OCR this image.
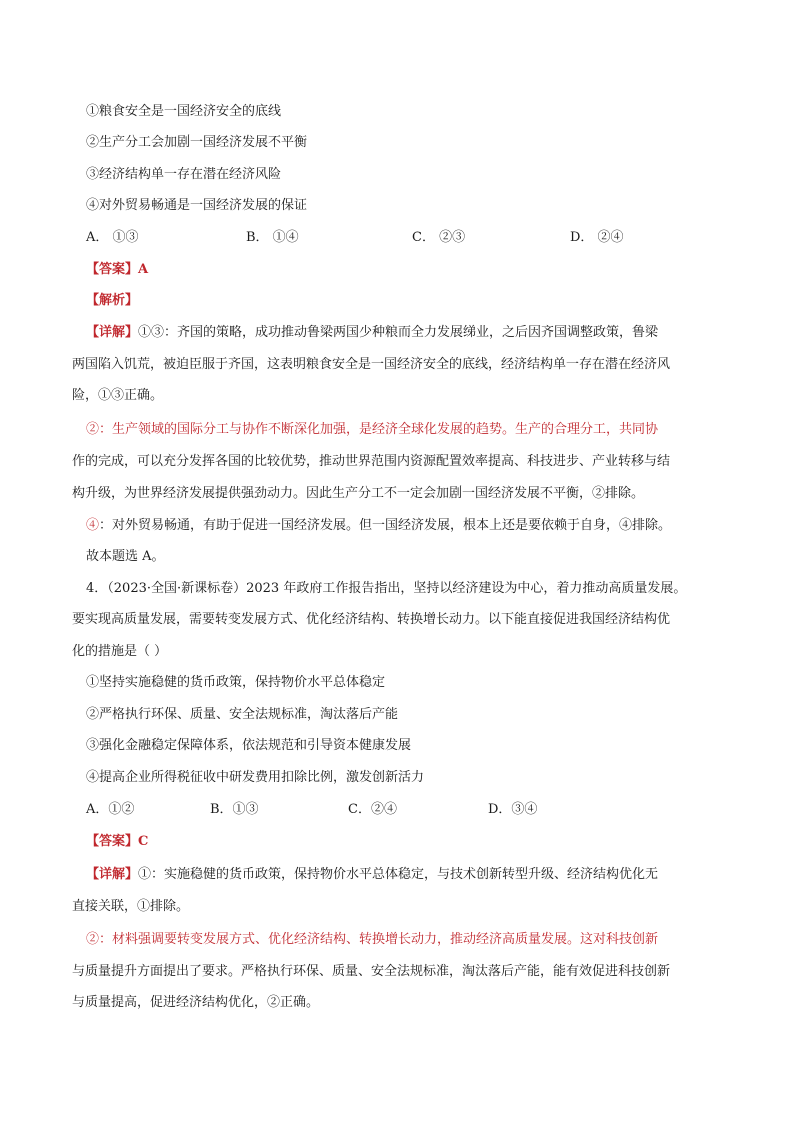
①粮食安全是一国经济安全的底线
②生产分工会加剧一国经济发展不平衡
③经济结构单一存在潜在经济风险
④对外贸易畅通是一国经济发展的保证
A． ①③	B． ①④	C． ②③	D． ②④
【答案】A
【解析】
【详解】①③：齐国的策略，成功推动鲁梁两国少种粮而全力发展绨业，之后因齐国调整政策，鲁梁
两国陷入饥荒，被迫臣服于齐国，这表明粮食安全是一国经济安全的底线，经济结构单一存在潜在经济风
险，①③正确。
②：生产领域的国际分工与协作不断深化加强，是经济全球化发展的趋势。生产的合理分工，共同协
作的完成，可以充分发挥各国的比较优势，推动世界范围内资源配置效率提高、科技进步、产业转移与结
构升级，为世界经济发展提供强劲动力。因此生产分工不一定会加剧一国经济发展不平衡，②排除。
④：对外贸易畅通，有助于促进一国经济发展。但一国经济发展，根本上还是要依赖于自身，④排除。
故本题选 A。
4．（2023·全国·新课标卷）2023 年政府工作报告指出，坚持以经济建设为中心，着力推动高质量发展。
要实现高质量发展，需要转变发展方式、优化经济结构、转换增长动力。以下能直接促进我国经济结构优
化的措施是（ ）
①坚持实施稳健的货币政策，保持物价水平总体稳定
②严格执行环保、质量、安全法规标准，淘汰落后产能
③强化金融稳定保障体系，依法规范和引导资本健康发展
④提高企业所得税征收中研发费用扣除比例，激发创新活力
A．①②	B．①③	C．②④	D．③④
【答案】C
【详解】①：实施稳健的货币政策，保持物价水平总体稳定，与技术创新转型升级、经济结构优化无
直接关联，①排除。
②：材料强调要转变发展方式、优化经济结构、转换增长动力，推动经济高质量发展。这对科技创新
与质量提升方面提出了要求。严格执行环保、质量、安全法规标准，淘汰落后产能，能有效促进科技创新
与质量提高，促进经济结构优化，②正确。
